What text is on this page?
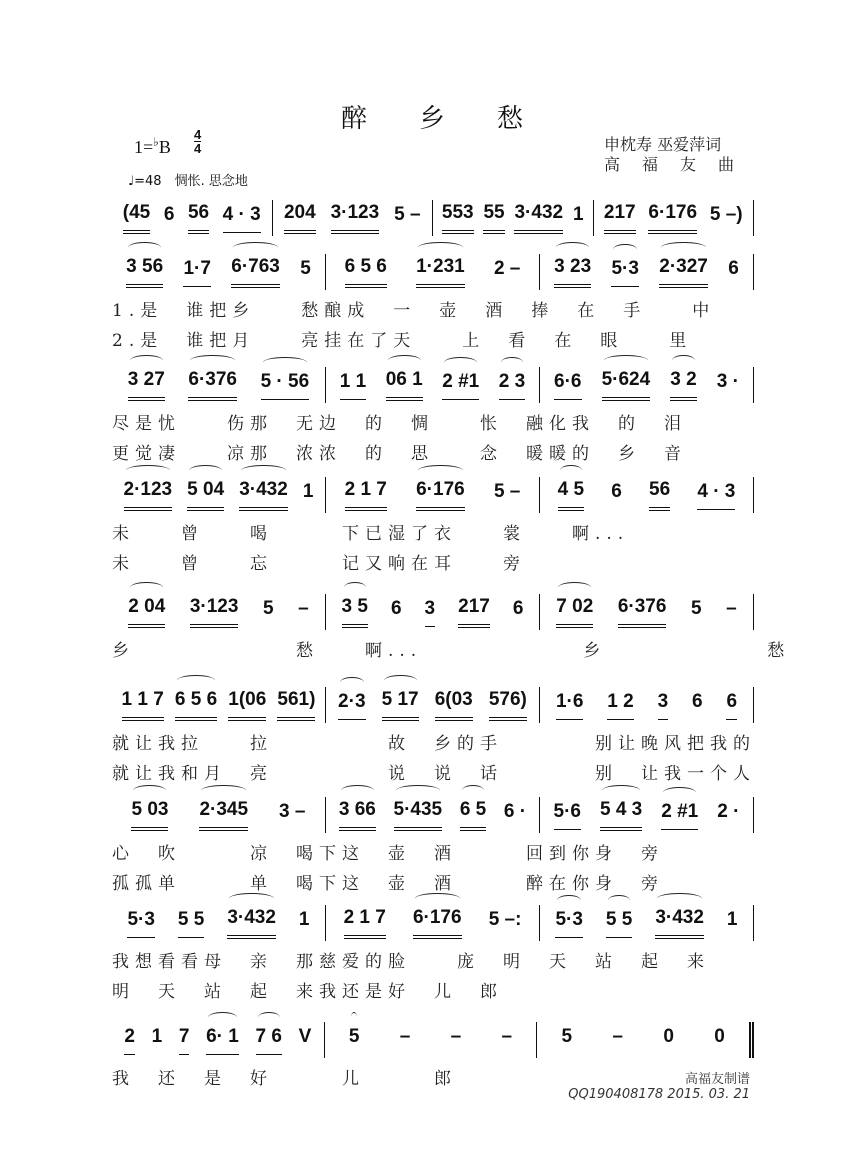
醉乡愁
1=♭B
4
4
♩=48　惆怅. 思念地
申枕寿 巫爱萍词
高福友曲
(45 6 56 4 · 3 204 3·123 5 – 553 55 3·432 1 217 6·176 5 –)
3 56 1·7 6·763 5 6 5 6 1·231 2 – 3 23 5·3 2·327 6
1.是　谁把乡　　愁酿成　一　壶　酒　捧　在　手　　中
2.是　谁把月　　亮挂在了天　　上　看　在　眼　　里
3 27 6·376 5 · 56 1 1 06 1 2 #1 2 3 6·6 5·624 3 2 3 ·
尽是忧　　伤那　无边　的　惆　　怅　融化我　的　泪
更觉凄　　凉那　浓浓　的　思　　念　暖暖的　乡　音
2·123 5 04 3·432 1 2 1 7 6·176 5 – 4 5 6 56 4 · 3
未　　曾　　喝　　　下已湿了衣　　裳　　啊...
未　　曾　　忘　　　记又响在耳　　旁
2 04 3·123 5 – 3 5 6 3 217 6 7 02 6·376 5 –
乡　　　　　　　愁　　啊...　　　　　　　乡　　　　　　　愁
1 1 7 6 5 6 1(06 561) 2·3 5 17 6(03 576) 1·6 1 2 3 6 6
就让我拉　　拉　　　　　故　乡的手　　　　别让晚风把我的
就让我和月　亮　　　　　说　说　话　　　　别　让我一个人
5 03 2·345 3 – 3 66 5·435 6 5 6 · 5·6 5 4 3 2 #1 2 ·
心　吹　　　凉　喝下这　壶　酒　　　回到你身　旁
孤孤单　　　单　喝下这　壶　酒　　　醉在你身　旁
5·3 5 5 3·432 1 2 1 7 6·176 5 –: 5·3 5 5 3·432 1
我想看看母　亲　那慈爱的脸　　庞　明　天　站　起　来
明　天　站　起　来我还是好　儿　郎
2 1 7 6· 1 7 6 V 5 – – –	5 – 0 0
我　还　是　好　　　儿　　　郎	高福友制谱
QQ190408178 2015. 03. 21
